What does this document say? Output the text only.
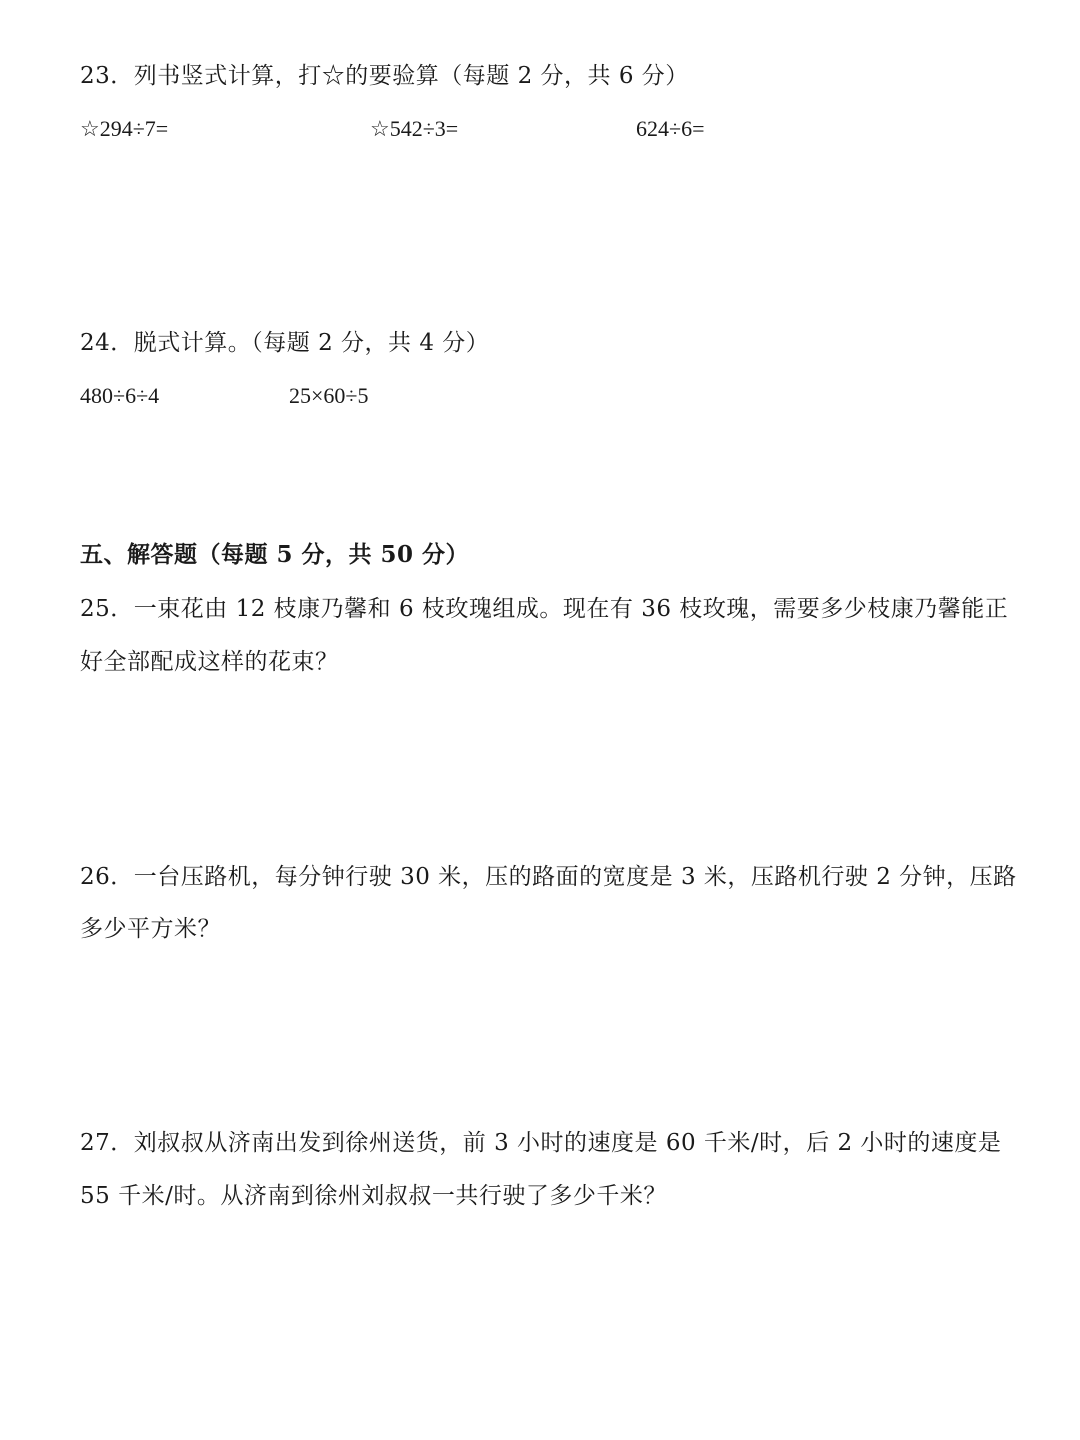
23．列书竖式计算，打☆的要验算（每题 2 分，共 6 分）
☆294÷7=	☆542÷3=	624÷6=
24．脱式计算。（每题 2 分，共 4 分）
480÷6÷4	25×60÷5
五、解答题（每题 5 分，共 50 分）
25．一束花由 12 枝康乃馨和 6 枝玫瑰组成。现在有 36 枝玫瑰，需要多少枝康乃馨能正
好全部配成这样的花束？
26．一台压路机，每分钟行驶 30 米，压的路面的宽度是 3 米，压路机行驶 2 分钟，压路
多少平方米？
27．刘叔叔从济南出发到徐州送货，前 3 小时的速度是 60 千米/时，后 2 小时的速度是
55 千米/时。从济南到徐州刘叔叔一共行驶了多少千米？
